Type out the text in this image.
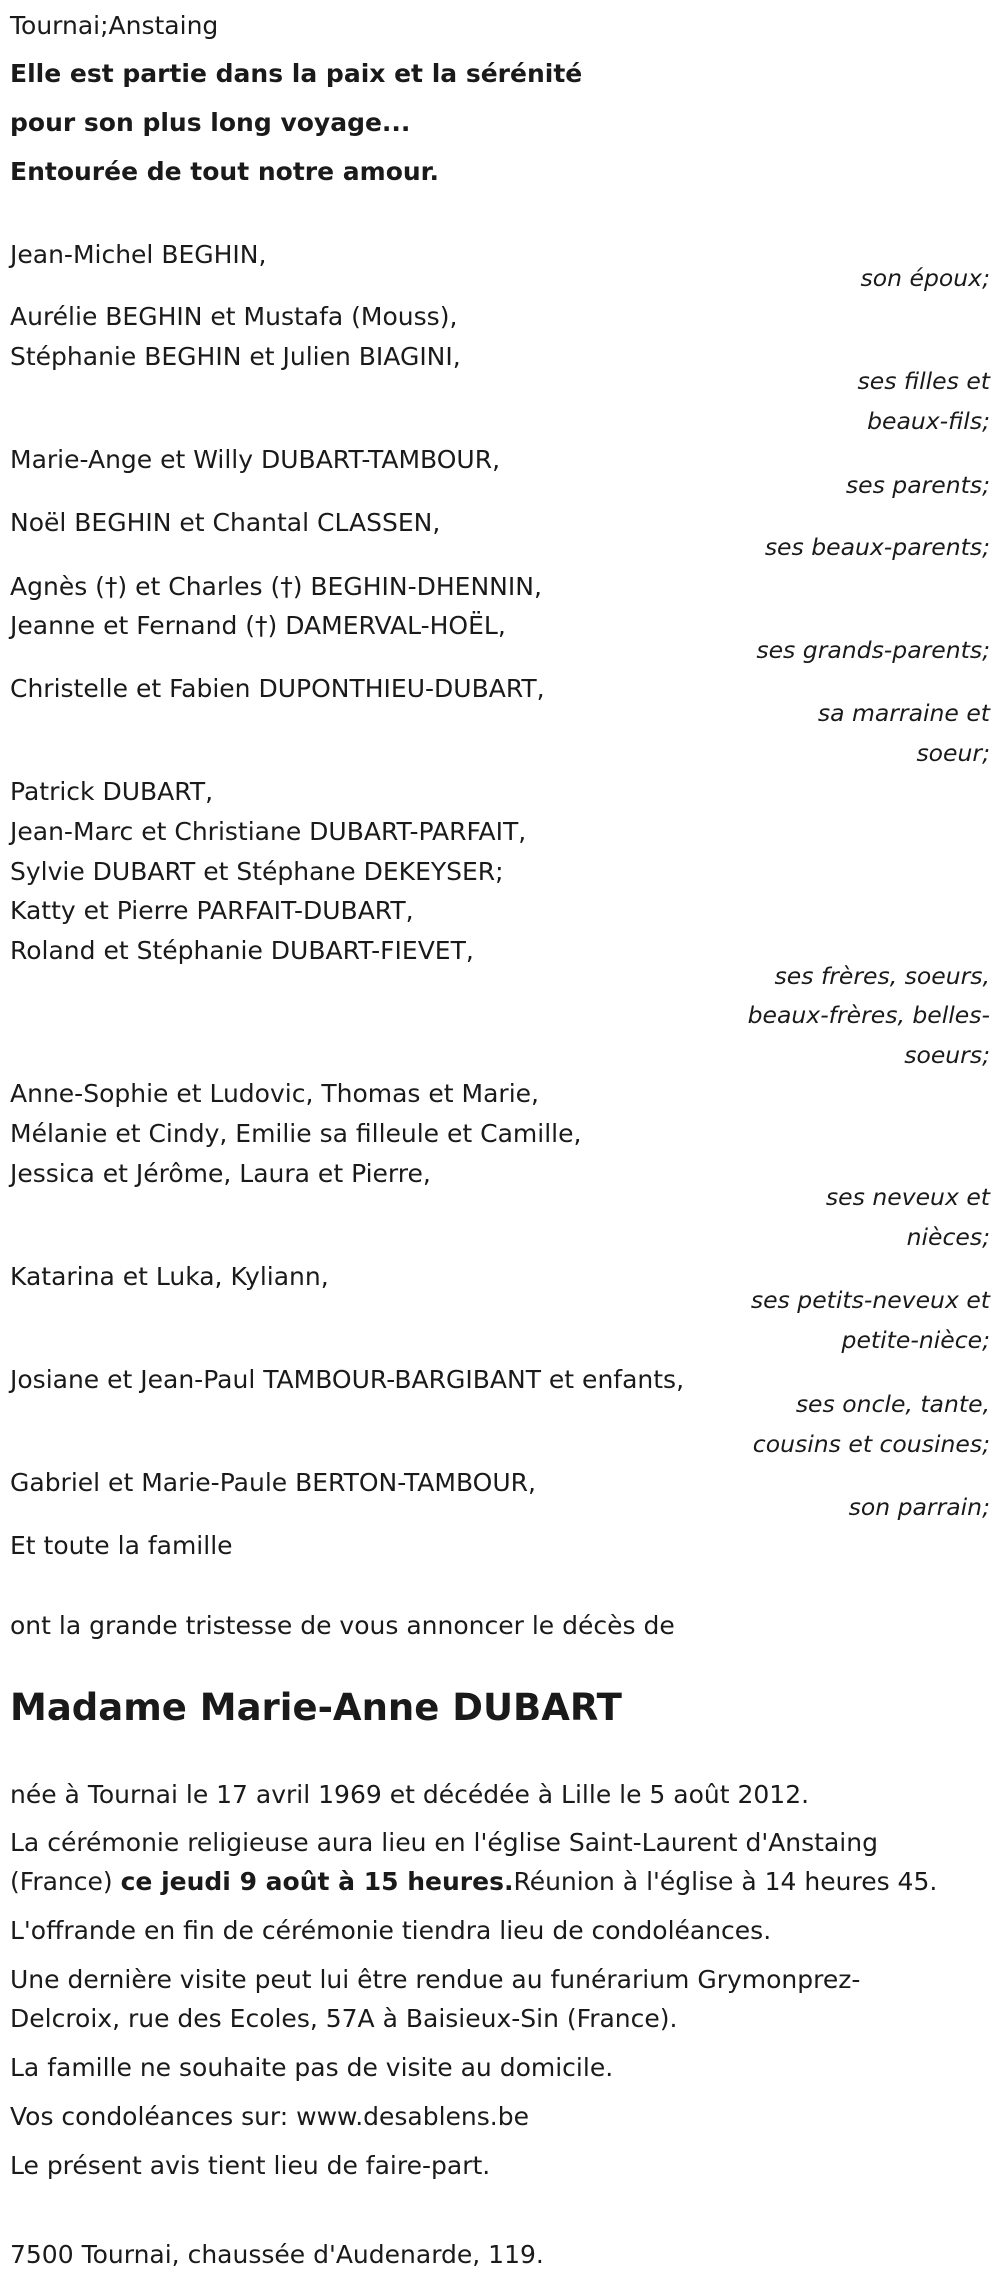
Tournai;Anstaing
Elle est partie dans la paix et la sérénité
pour son plus long voyage...
Entourée de tout notre amour.
Jean-Michel BEGHIN,
son époux;
Aurélie BEGHIN et Mustafa (Mouss),
Stéphanie BEGHIN et Julien BIAGINI,
ses filles et
beaux-fils;
Marie-Ange et Willy DUBART-TAMBOUR,
ses parents;
Noël BEGHIN et Chantal CLASSEN,
ses beaux-parents;
Agnès (†) et Charles (†) BEGHIN-DHENNIN,
Jeanne et Fernand (†) DAMERVAL-HOËL,
ses grands-parents;
Christelle et Fabien DUPONTHIEU-DUBART,
sa marraine et
soeur;
Patrick DUBART,
Jean-Marc et Christiane DUBART-PARFAIT,
Sylvie DUBART et Stéphane DEKEYSER;
Katty et Pierre PARFAIT-DUBART,
Roland et Stéphanie DUBART-FIEVET,
ses frères, soeurs,
beaux-frères, belles-
soeurs;
Anne-Sophie et Ludovic, Thomas et Marie,
Mélanie et Cindy, Emilie sa filleule et Camille,
Jessica et Jérôme, Laura et Pierre,
ses neveux et
nièces;
Katarina et Luka, Kyliann,
ses petits-neveux et
petite-nièce;
Josiane et Jean-Paul TAMBOUR-BARGIBANT et enfants,
ses oncle, tante,
cousins et cousines;
Gabriel et Marie-Paule BERTON-TAMBOUR,
son parrain;
Et toute la famille
ont la grande tristesse de vous annoncer le décès de
Madame Marie-Anne DUBART
née à Tournai le 17 avril 1969 et décédée à Lille le 5 août 2012.
La cérémonie religieuse aura lieu en l'église Saint-Laurent d'Anstaing
(France) ce jeudi 9 août à 15 heures.Réunion à l'église à 14 heures 45.
L'offrande en fin de cérémonie tiendra lieu de condoléances.
Une dernière visite peut lui être rendue au funérarium Grymonprez-
Delcroix, rue des Ecoles, 57A à Baisieux-Sin (France).
La famille ne souhaite pas de visite au domicile.
Vos condoléances sur: www.desablens.be
Le présent avis tient lieu de faire-part.
7500 Tournai, chaussée d'Audenarde, 119.
